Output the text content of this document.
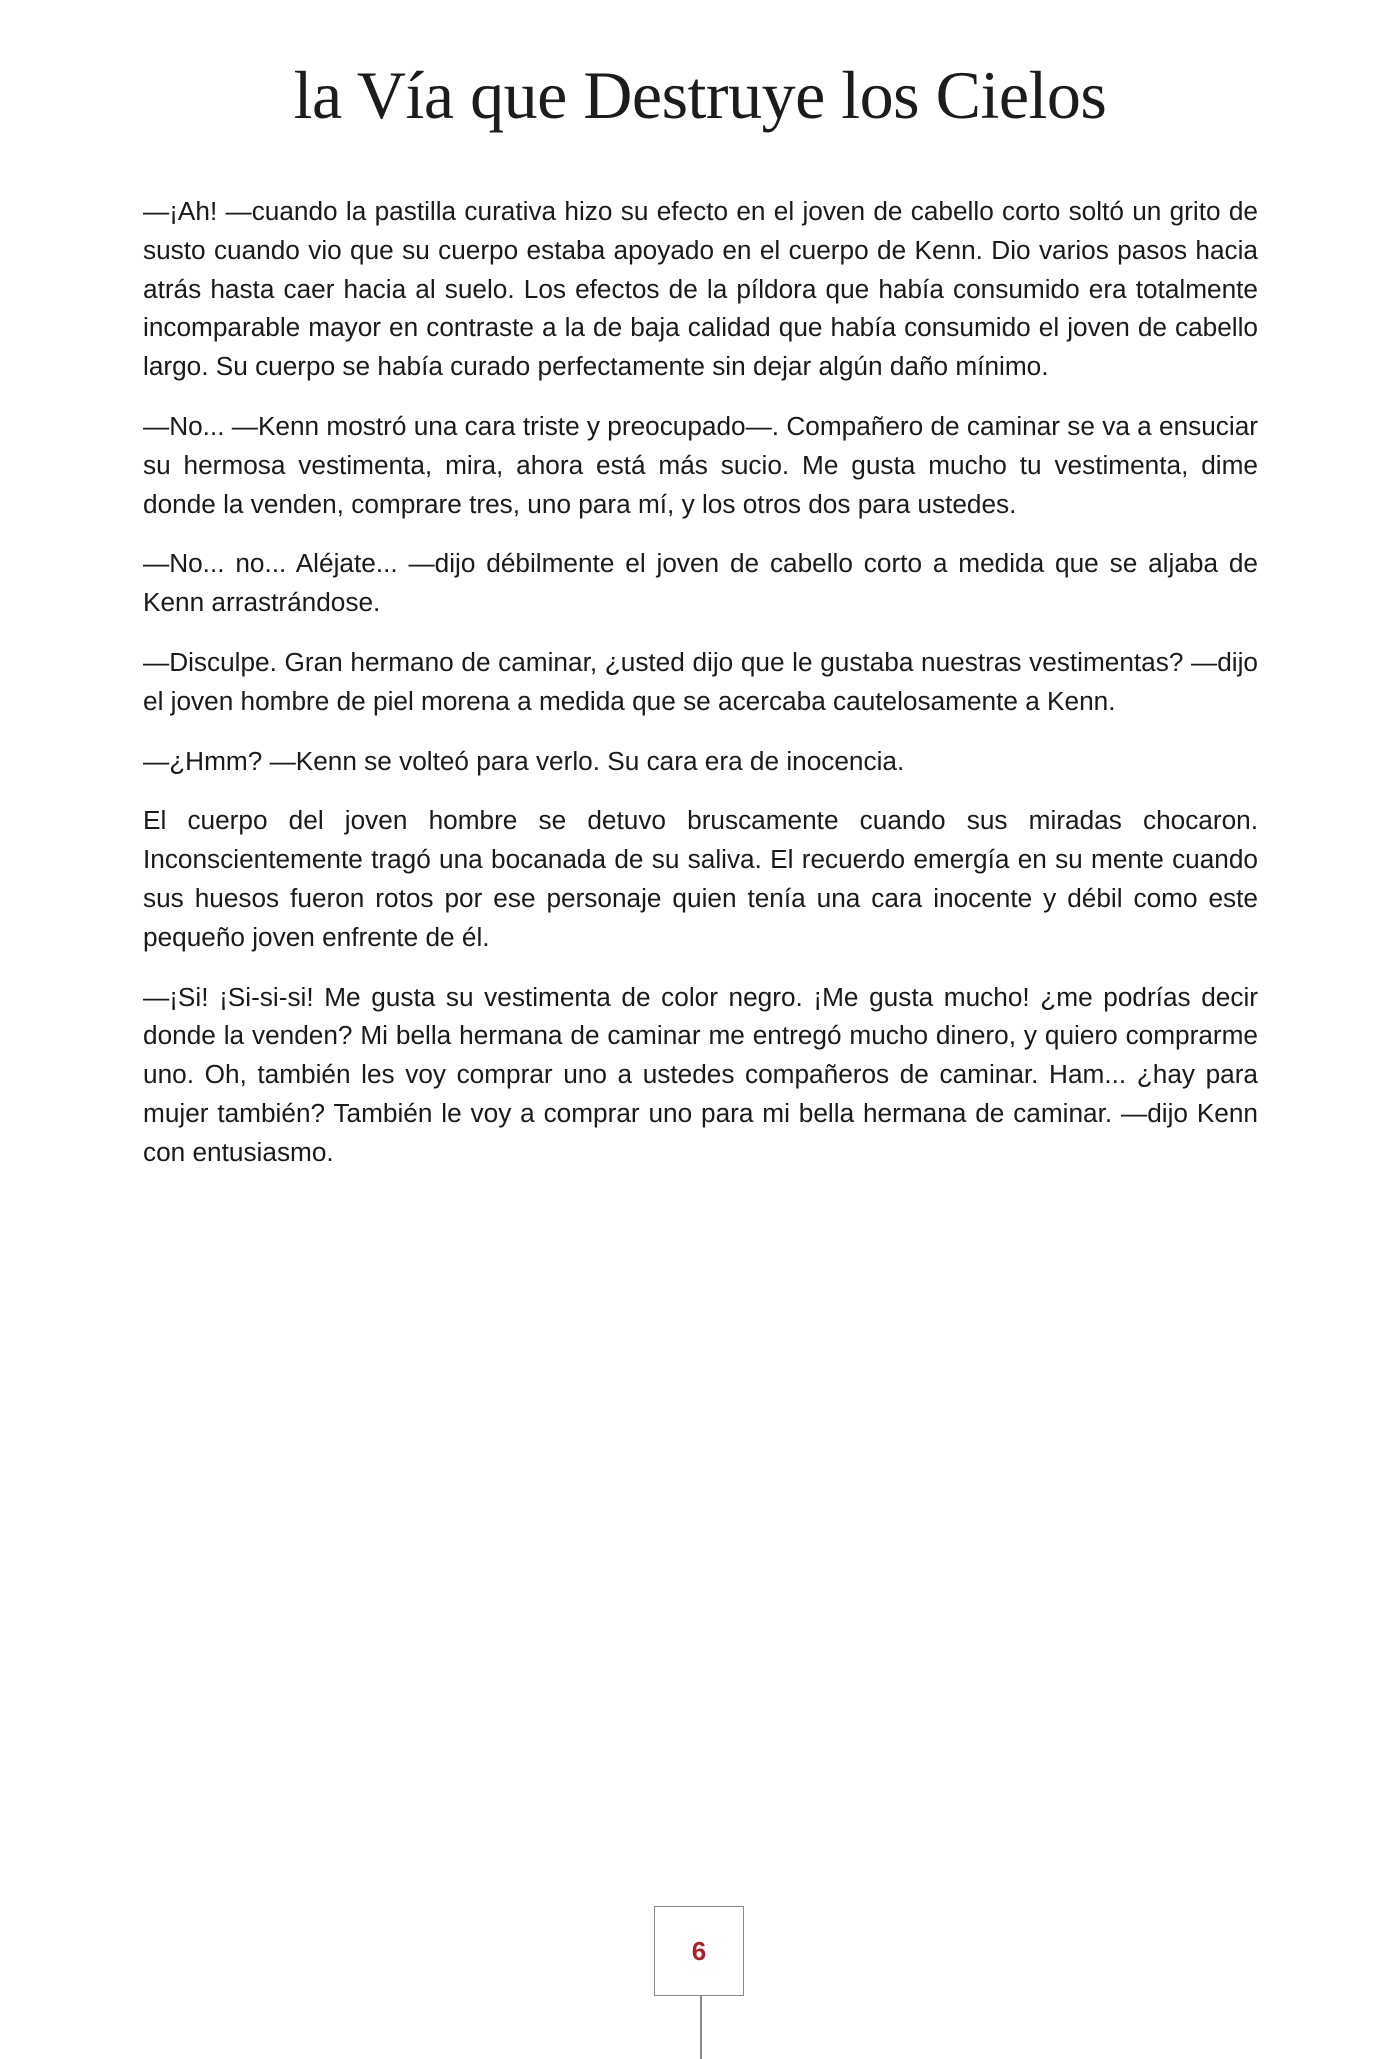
la Vía que Destruye los Cielos

—¡Ah! —cuando la pastilla curativa hizo su efecto en el joven de cabello corto soltó un grito de susto cuando vio que su cuerpo estaba apoyado en el cuerpo de Kenn. Dio varios pasos hacia atrás hasta caer hacia al suelo. Los efectos de la píldora que había consumido era totalmente incomparable mayor en contraste a la de baja calidad que había consumido el joven de cabello largo. Su cuerpo se había curado perfectamente sin dejar algún daño mínimo.

—No... —Kenn mostró una cara triste y preocupado—. Compañero de caminar se va a ensuciar su hermosa vestimenta, mira, ahora está más sucio. Me gusta mucho tu vestimenta, dime donde la venden, comprare tres, uno para mí, y los otros dos para ustedes.

—No... no... Aléjate... —dijo débilmente el joven de cabello corto a medida que se aljaba de Kenn arrastrándose.

—Disculpe. Gran hermano de caminar, ¿usted dijo que le gustaba nuestras vestimentas? —dijo el joven hombre de piel morena a medida que se acercaba cautelosamente a Kenn.

—¿Hmm? —Kenn se volteó para verlo. Su cara era de inocencia.

El cuerpo del joven hombre se detuvo bruscamente cuando sus miradas chocaron. Inconscientemente tragó una bocanada de su saliva. El recuerdo emergía en su mente cuando sus huesos fueron rotos por ese personaje quien tenía una cara inocente y débil como este pequeño joven enfrente de él.

—¡Si! ¡Si-si-si! Me gusta su vestimenta de color negro. ¡Me gusta mucho! ¿me podrías decir donde la venden? Mi bella hermana de caminar me entregó mucho dinero, y quiero comprarme uno. Oh, también les voy comprar uno a ustedes compañeros de caminar. Ham... ¿hay para mujer también? También le voy a comprar uno para mi bella hermana de caminar. —dijo Kenn con entusiasmo.

6
